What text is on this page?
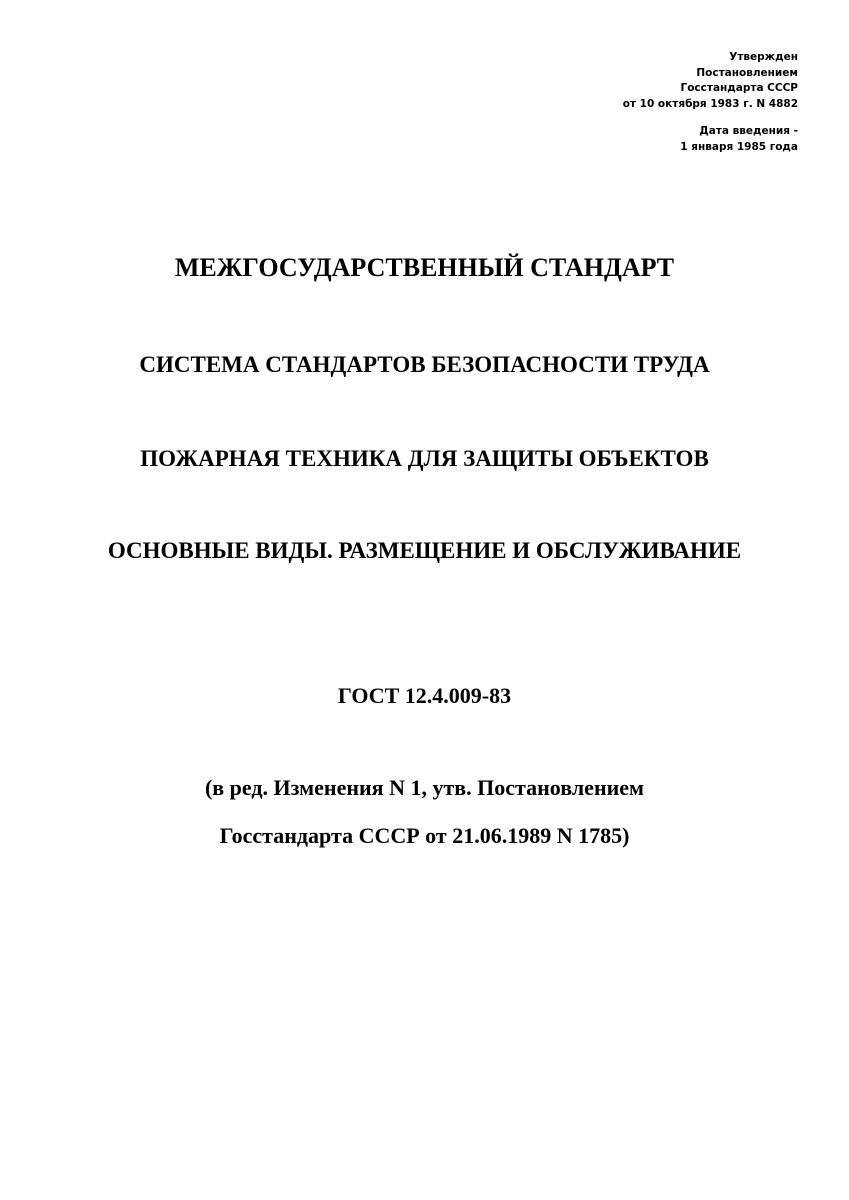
Утвержден
Постановлением
Госстандарта СССР
от 10 октября 1983 г. N 4882
Дата введения -
1 января 1985 года
МЕЖГОСУДАРСТВЕННЫЙ СТАНДАРТ
СИСТЕМА СТАНДАРТОВ БЕЗОПАСНОСТИ ТРУДА
ПОЖАРНАЯ ТЕХНИКА ДЛЯ ЗАЩИТЫ ОБЪЕКТОВ
ОСНОВНЫЕ ВИДЫ. РАЗМЕЩЕНИЕ И ОБСЛУЖИВАНИЕ
ГОСТ 12.4.009-83
(в ред. Изменения N 1, утв. Постановлением
Госстандарта СССР от 21.06.1989 N 1785)
